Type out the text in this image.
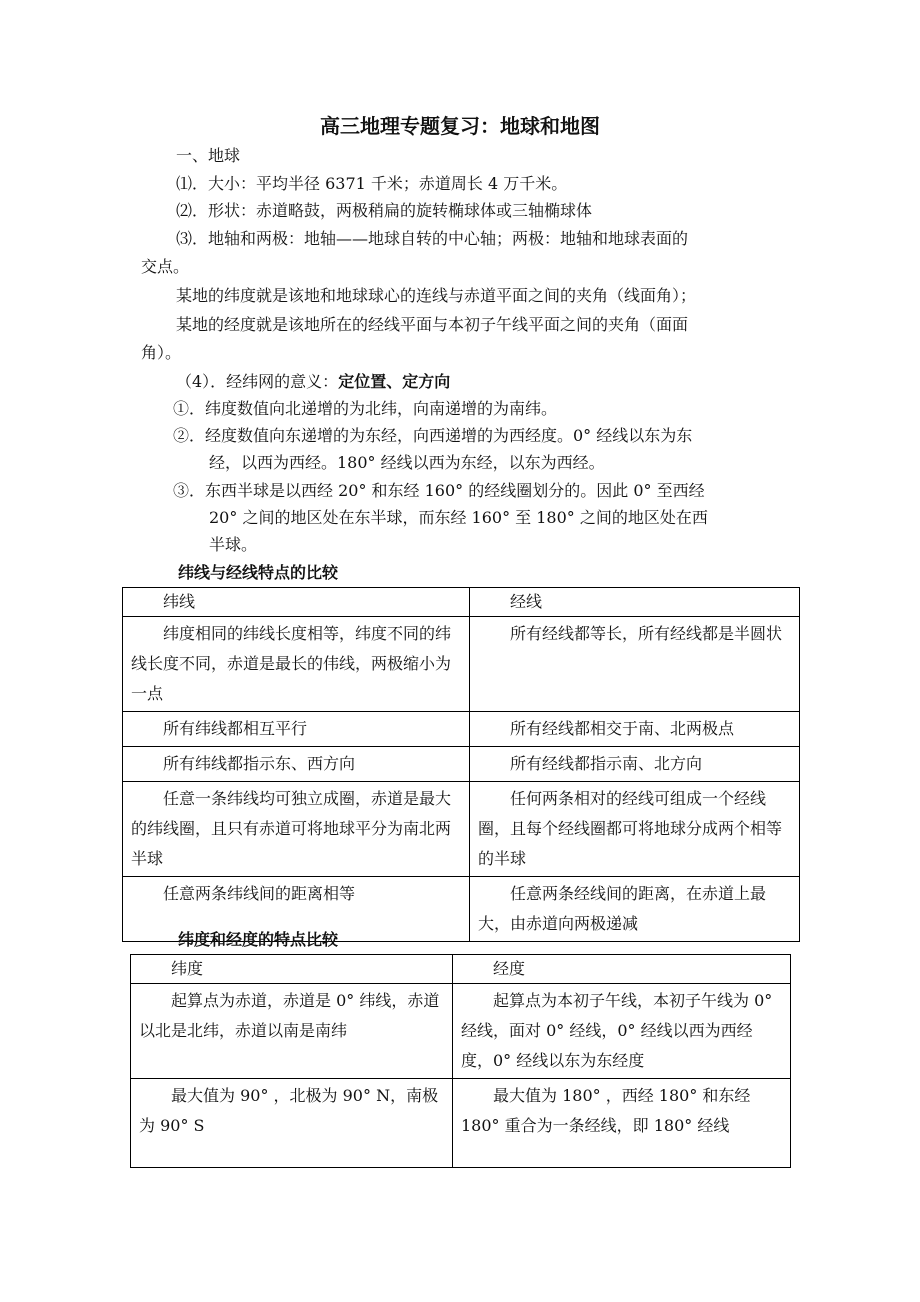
高三地理专题复习：地球和地图
一、地球
⑴．大小：平均半径 6371 千米；赤道周长 4 万千米。
⑵．形状：赤道略鼓，两极稍扁的旋转椭球体或三轴椭球体
⑶．地轴和两极：地轴——地球自转的中心轴；两极：地轴和地球表面的
交点。
某地的纬度就是该地和地球球心的连线与赤道平面之间的夹角（线面角）；
某地的经度就是该地所在的经线平面与本初子午线平面之间的夹角（面面
角）。
（4）．经纬网的意义：定位置、定方向
①．纬度数值向北递增的为北纬，向南递增的为南纬。
②．经度数值向东递增的为东经，向西递增的为西经度。0° 经线以东为东
经，以西为西经。180° 经线以西为东经，以东为西经。
③．东西半球是以西经 20° 和东经 160° 的经线圈划分的。因此 0° 至西经
20° 之间的地区处在东半球，而东经 160° 至 180° 之间的地区处在西
半球。
纬线与经线特点的比较
纬线	经线
纬度相同的纬线长度相等，纬度不同的纬线长度不同，赤道是最长的伟线，两极缩小为一点	所有经线都等长，所有经线都是半圆状
所有纬线都相互平行	所有经线都相交于南、北两极点
所有纬线都指示东、西方向	所有经线都指示南、北方向
任意一条纬线均可独立成圈，赤道是最大的纬线圈，且只有赤道可将地球平分为南北两半球	任何两条相对的经线可组成一个经线圈，且每个经线圈都可将地球分成两个相等的半球
任意两条纬线间的距离相等	任意两条经线间的距离，在赤道上最大，由赤道向两极递减
纬度和经度的特点比较
纬度	经度
起算点为赤道，赤道是 0° 纬线，赤道以北是北纬，赤道以南是南纬	起算点为本初子午线，本初子午线为 0° 经线，面对 0° 经线，0° 经线以西为西经度，0° 经线以东为东经度
最大值为 90° ，北极为 90° N，南极为 90° S	最大值为 180° ，西经 180° 和东经 180° 重合为一条经线，即 180° 经线
